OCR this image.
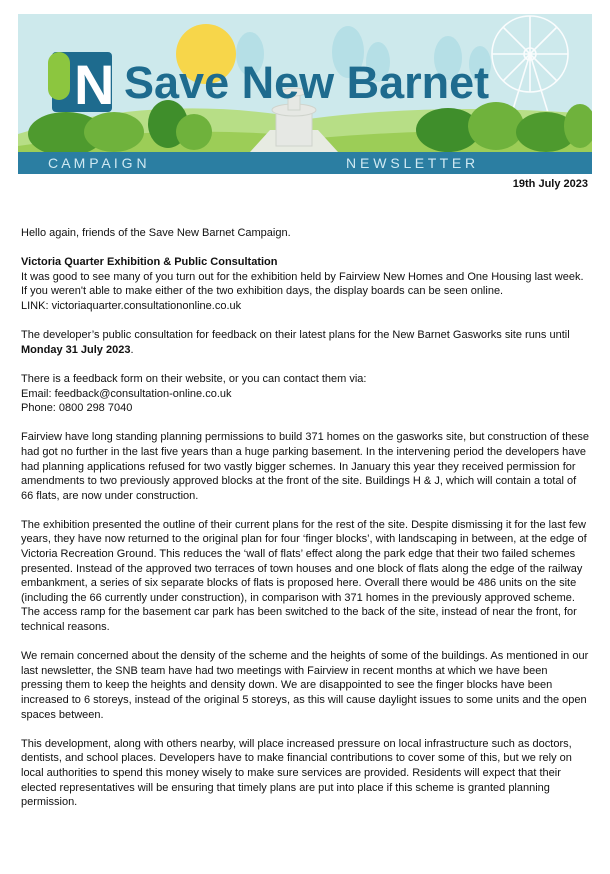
N Save New Barnet
C A M P A I G N	N E W S L E T T E R
19th July 2023

Hello again, friends of the Save New Barnet Campaign.

Victoria Quarter Exhibition & Public Consultation
It was good to see many of you turn out for the exhibition held by Fairview New Homes and One Housing last week. If you weren't able to make either of the two exhibition days, the display boards can be seen online.
LINK: victoriaquarter.consultationonline.co.uk

The developer’s public consultation for feedback on their latest plans for the New Barnet Gasworks site runs until Monday 31 July 2023.

There is a feedback form on their website, or you can contact them via:
Email: feedback@consultation-online.co.uk
Phone: 0800 298 7040

Fairview have long standing planning permissions to build 371 homes on the gasworks site, but construction of these had got no further in the last five years than a huge parking basement. In the intervening period the developers have had planning applications refused for two vastly bigger schemes. In January this year they received permission for amendments to two previously approved blocks at the front of the site. Buildings H & J, which will contain a total of 66 flats, are now under construction.

The exhibition presented the outline of their current plans for the rest of the site. Despite dismissing it for the last few years, they have now returned to the original plan for four ‘finger blocks’, with landscaping in between, at the edge of Victoria Recreation Ground. This reduces the ‘wall of flats’ effect along the park edge that their two failed schemes presented. Instead of the approved two terraces of town houses and one block of flats along the edge of the railway embankment, a series of six separate blocks of flats is proposed here. Overall there would be 486 units on the site (including the 66 currently under construction), in comparison with 371 homes in the previously approved scheme. The access ramp for the basement car park has been switched to the back of the site, instead of near the front, for technical reasons.

We remain concerned about the density of the scheme and the heights of some of the buildings. As mentioned in our last newsletter, the SNB team have had two meetings with Fairview in recent months at which we have been pressing them to keep the heights and density down. We are disappointed to see the finger blocks have been increased to 6 storeys, instead of the original 5 storeys, as this will cause daylight issues to some units and the open spaces between.

This development, along with others nearby, will place increased pressure on local infrastructure such as doctors, dentists, and school places. Developers have to make financial contributions to cover some of this, but we rely on local authorities to spend this money wisely to make sure services are provided. Residents will expect that their elected representatives will be ensuring that timely plans are put into place if this scheme is granted planning permission.
